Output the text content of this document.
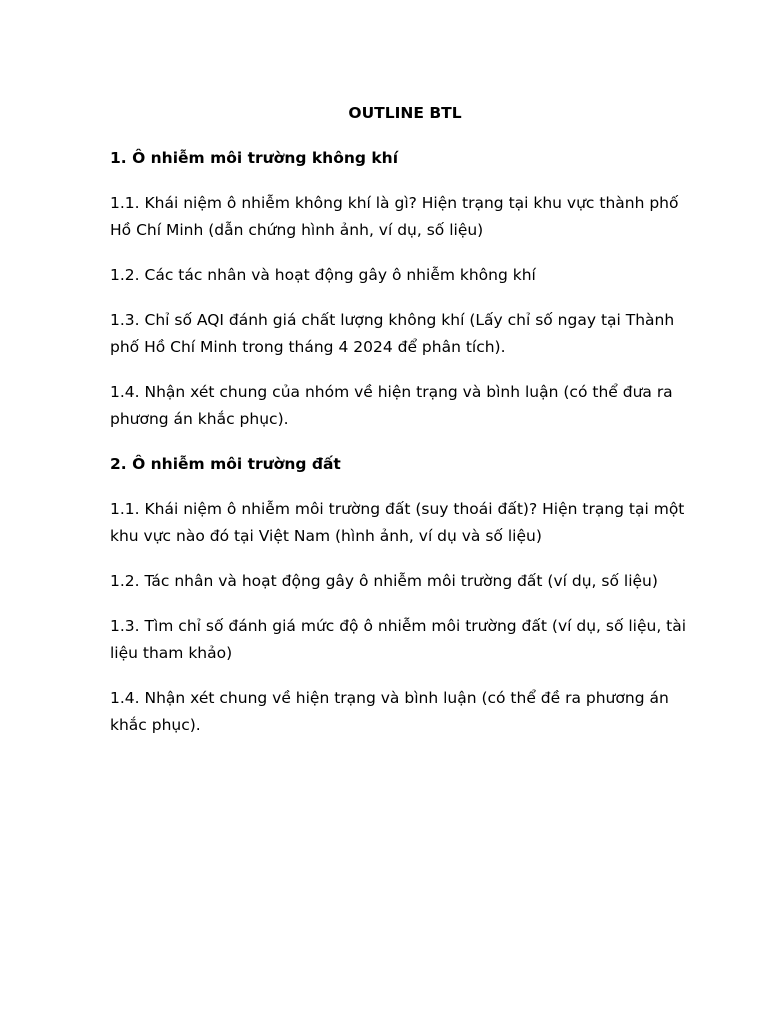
OUTLINE BTL
1. Ô nhiễm môi trường không khí

1.1. Khái niệm ô nhiễm không khí là gì? Hiện trạng tại khu vực thành phố Hồ Chí Minh (dẫn chứng hình ảnh, ví dụ, số liệu)

1.2. Các tác nhân và hoạt động gây ô nhiễm không khí

1.3. Chỉ số AQI đánh giá chất lượng không khí (Lấy chỉ số ngay tại Thành phố Hồ Chí Minh trong tháng 4 2024 để phân tích).

1.4. Nhận xét chung của nhóm về hiện trạng và bình luận (có thể đưa ra phương án khắc phục).

2. Ô nhiễm môi trường đất

1.1. Khái niệm ô nhiễm môi trường đất (suy thoái đất)? Hiện trạng tại một khu vực nào đó tại Việt Nam (hình ảnh, ví dụ và số liệu)

1.2. Tác nhân và hoạt động gây ô nhiễm môi trường đất (ví dụ, số liệu)

1.3. Tìm chỉ số đánh giá mức độ ô nhiễm môi trường đất (ví dụ, số liệu, tài liệu tham khảo)

1.4. Nhận xét chung về hiện trạng và bình luận (có thể đề ra phương án khắc phục).
